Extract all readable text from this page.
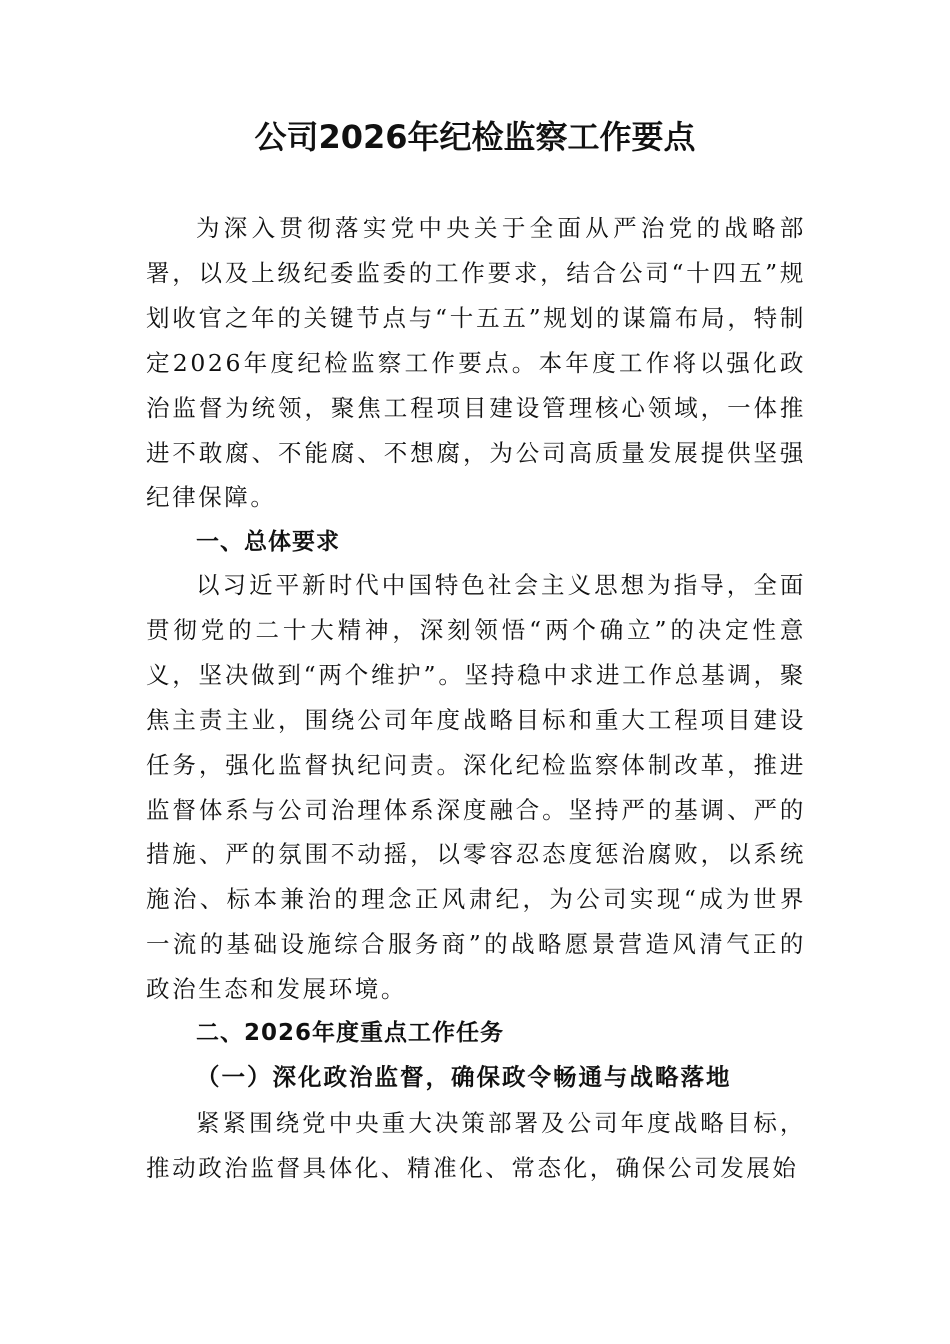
公司2026年纪检监察工作要点

为深入贯彻落实党中央关于全面从严治党的战略部署，以及上级纪委监委的工作要求，结合公司“十四五”规划收官之年的关键节点与“十五五”规划的谋篇布局，特制定2026年度纪检监察工作要点。本年度工作将以强化政治监督为统领，聚焦工程项目建设管理核心领域，一体推进不敢腐、不能腐、不想腐，为公司高质量发展提供坚强纪律保障。

一、总体要求

以习近平新时代中国特色社会主义思想为指导，全面贯彻党的二十大精神，深刻领悟“两个确立”的决定性意义，坚决做到“两个维护”。坚持稳中求进工作总基调，聚焦主责主业，围绕公司年度战略目标和重大工程项目建设任务，强化监督执纪问责。深化纪检监察体制改革，推进监督体系与公司治理体系深度融合。坚持严的基调、严的措施、严的氛围不动摇，以零容忍态度惩治腐败，以系统施治、标本兼治的理念正风肃纪，为公司实现“成为世界一流的基础设施综合服务商”的战略愿景营造风清气正的政治生态和发展环境。

二、2026年度重点工作任务
（一）深化政治监督，确保政令畅通与战略落地

紧紧围绕党中央重大决策部署及公司年度战略目标，推动政治监督具体化、精准化、常态化，确保公司发展始
